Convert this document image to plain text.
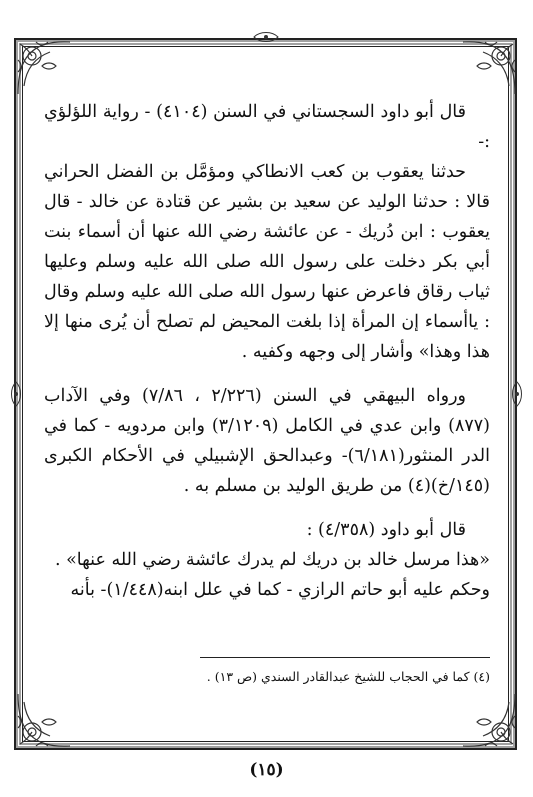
قال أبو داود السجستاني في السنن (٤١٠٤) - رواية اللؤلؤي :-

حدثنا يعقوب بن كعب الانطاكي ومؤمَّل بن الفضل الحراني قالا : حدثنا الوليد عن سعيد بن بشير عن قتادة عن خالد - قال يعقوب : ابن دُريك - عن عائشة رضي الله عنها أن أسماء بنت أبي بكر دخلت على رسول الله صلى الله عليه وسلم وعليها ثياب رقاق فاعرض عنها رسول الله صلى الله عليه وسلم وقال : ياأسماء إن المرأة إذا بلغت المحيض لم تصلح أن يُرى منها إلا هذا وهذا» وأشار إلى وجهه وكفيه .

ورواه البيهقي في السنن (٢/٢٢٦ ، ٧/٨٦) وفي الآداب (٨٧٧) وابن عدي في الكامل (٣/١٢٠٩) وابن مردويه - كما في الدر المنثور(٦/١٨١)- وعبدالحق الإشبيلي في الأحكام الكبرى (١٤٥/خ)(٤) من طريق الوليد بن مسلم به .

قال أبو داود (٤/٣٥٨) :

«هذا مرسل خالد بن دريك لم يدرك عائشة رضي الله عنها» .

وحكم عليه أبو حاتم الرازي - كما في علل ابنه(١/٤٤٨)- بأنه

(٤) كما في الحجاب للشيخ عبدالقادر السندي (ص ١٣) .
(١٥)
